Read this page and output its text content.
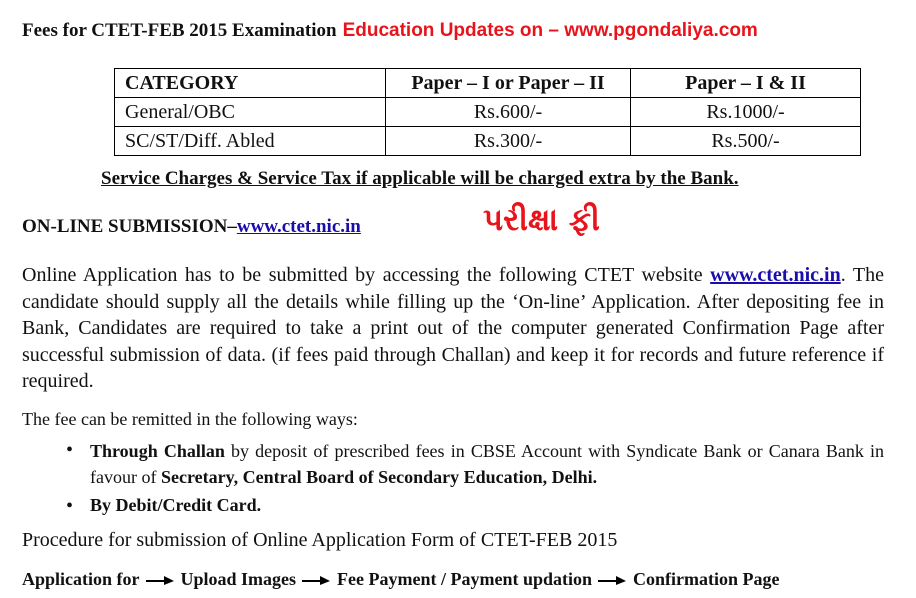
Fees for CTET-FEB 2015 Examination Education Updates on – www.pgondaliya.com
CATEGORY	Paper – I or Paper – II	Paper – I & II
General/OBC	Rs.600/-	Rs.1000/-
SC/ST/Diff. Abled	Rs.300/-	Rs.500/-
Service Charges & Service Tax if applicable will be charged extra by the Bank.
ON-LINE SUBMISSION–www.ctet.nic.in	પરીક્ષા ફી
Online Application has to be submitted by accessing the following CTET website www.ctet.nic.in. The candidate should supply all the details while filling up the ‘On-line’ Application. After depositing fee in Bank, Candidates are required to take a print out of the computer generated Confirmation Page after successful submission of data. (if fees paid through Challan) and keep it for records and future reference if required.
The fee can be remitted in the following ways:
• Through Challan by deposit of prescribed fees in CBSE Account with Syndicate Bank or Canara Bank in favour of Secretary, Central Board of Secondary Education, Delhi.
• By Debit/Credit Card.
Procedure for submission of Online Application Form of CTET-FEB 2015
Application for Upload Images Fee Payment / Payment updation Confirmation Page
